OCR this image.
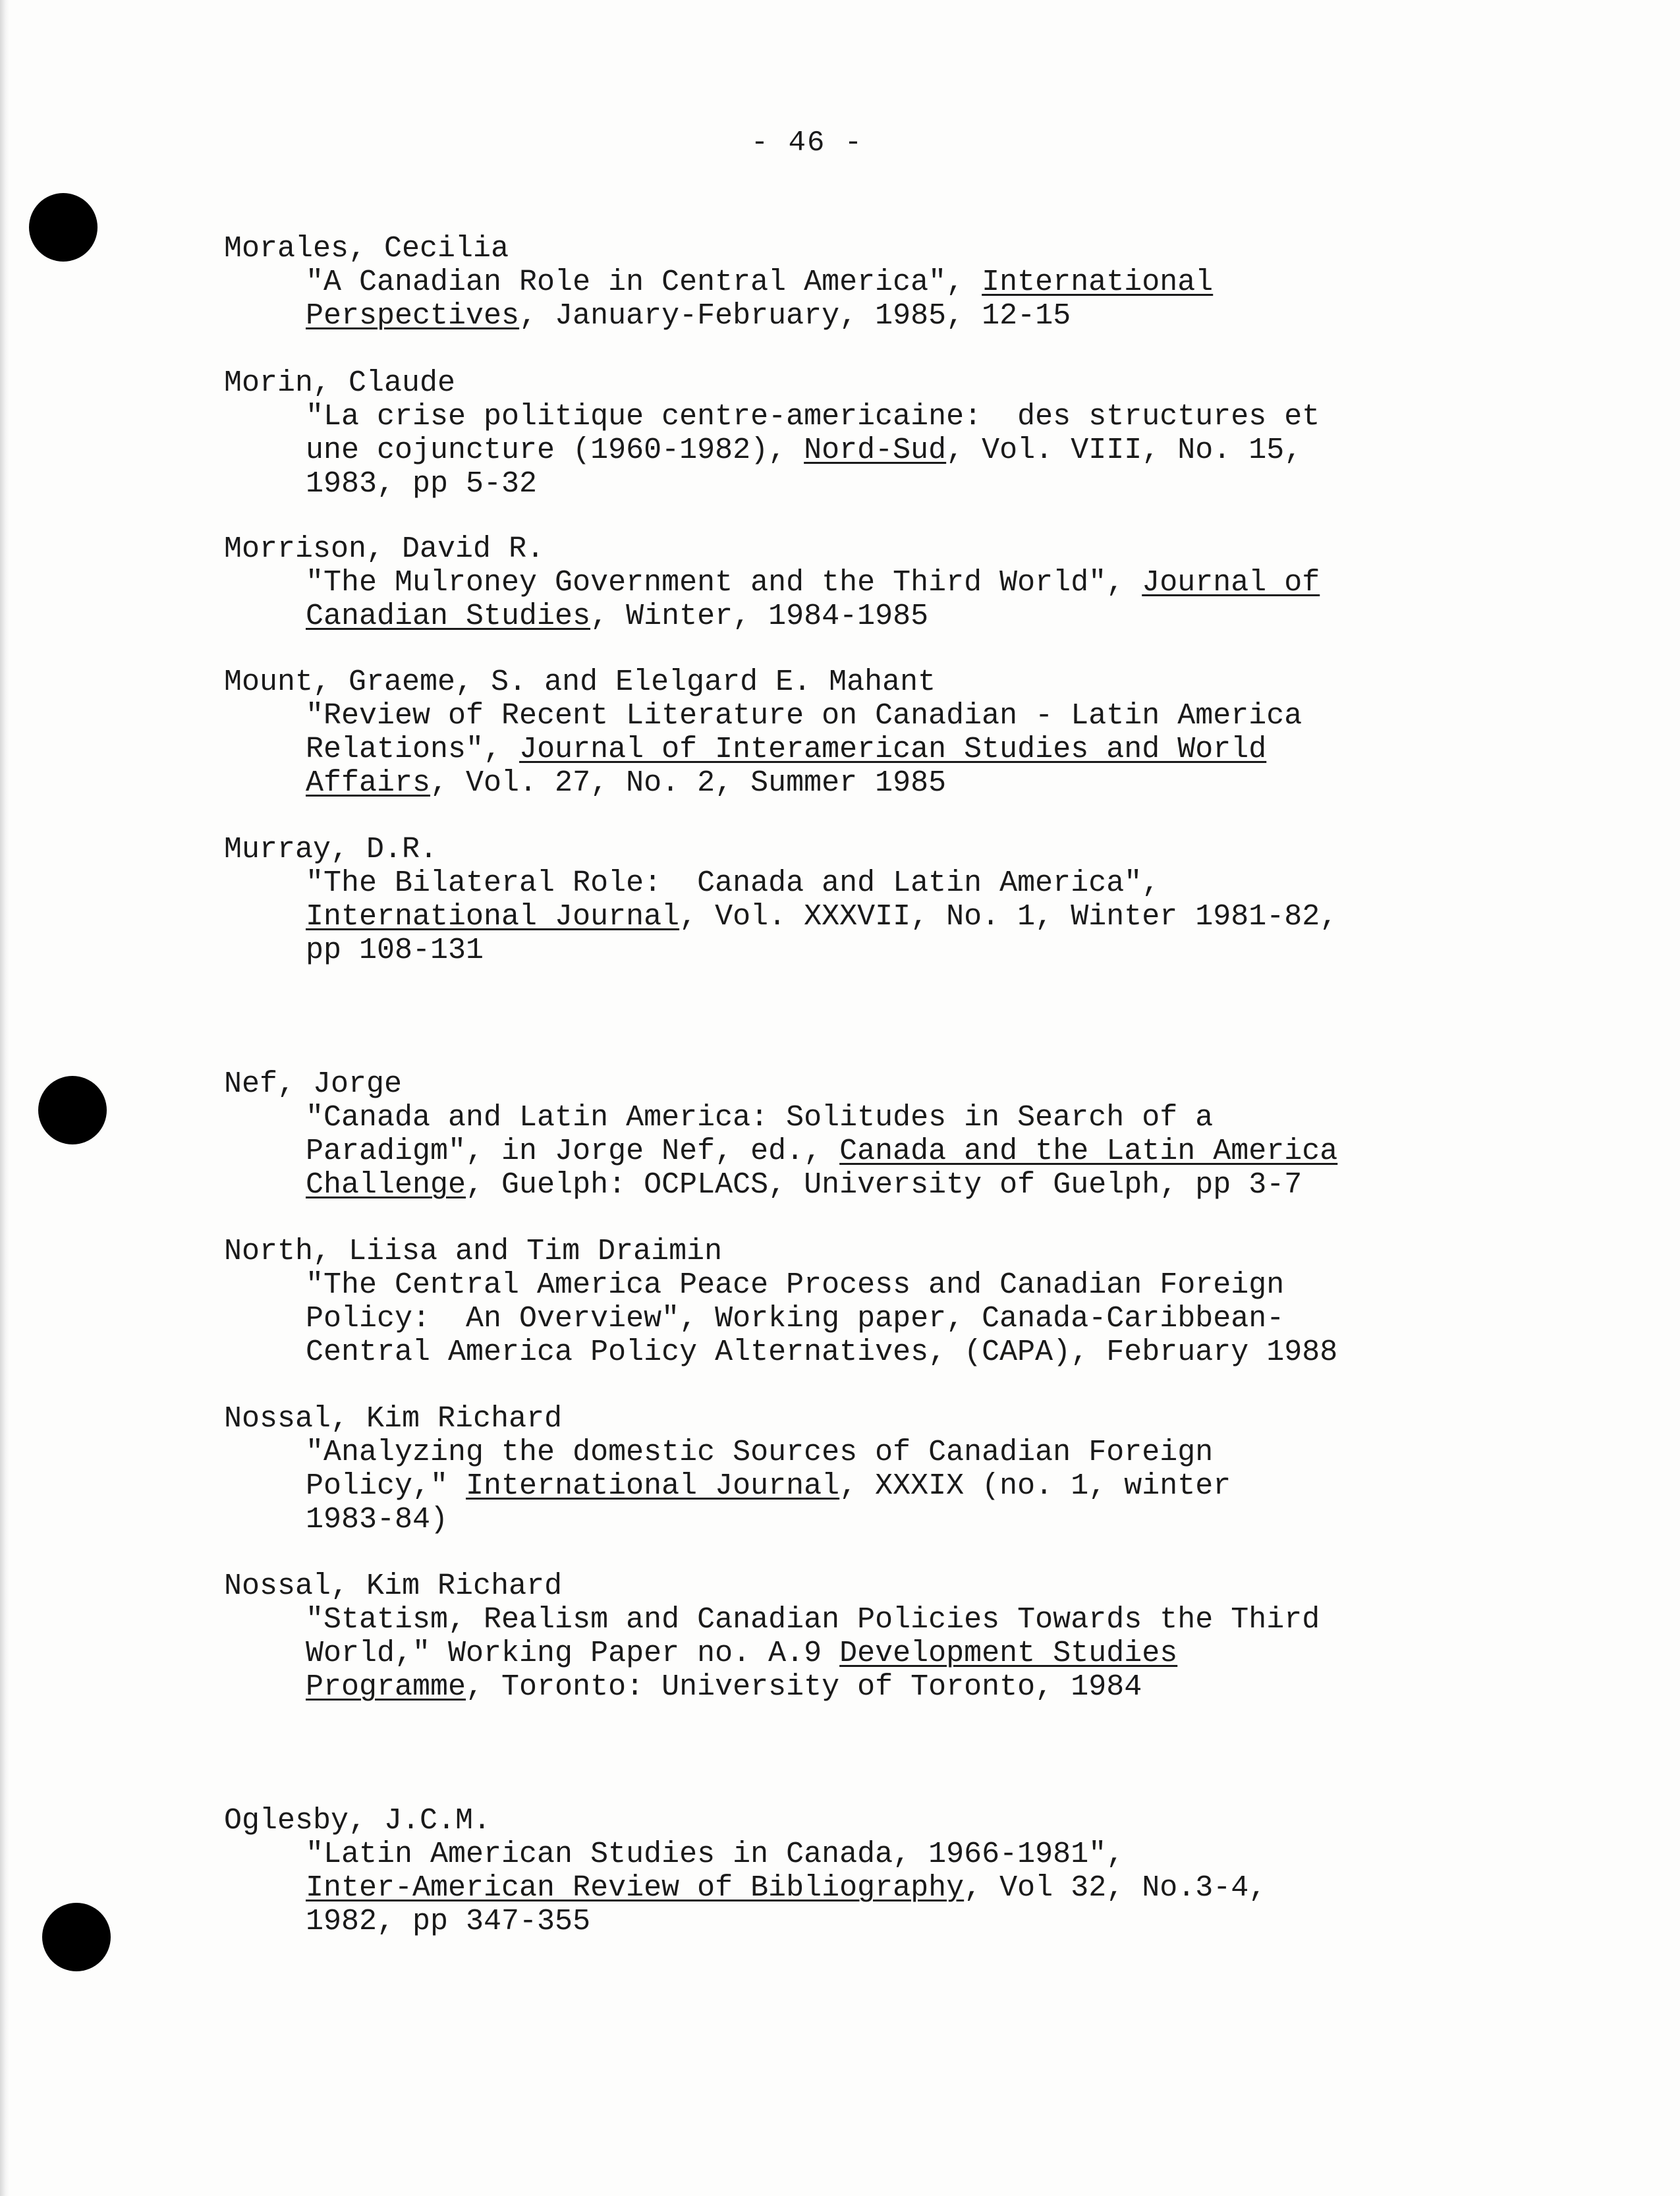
- 46 -
Morales, Cecilia
"A Canadian Role in Central America", International
Perspectives, January-February, 1985, 12-15
Morin, Claude
"La crise politique centre-americaine:  des structures et
une cojuncture (1960-1982), Nord-Sud, Vol. VIII, No. 15,
1983, pp 5-32
Morrison, David R.
"The Mulroney Government and the Third World", Journal of
Canadian Studies, Winter, 1984-1985
Mount, Graeme, S. and Elelgard E. Mahant
"Review of Recent Literature on Canadian - Latin America
Relations", Journal of Interamerican Studies and World
Affairs, Vol. 27, No. 2, Summer 1985
Murray, D.R.
"The Bilateral Role:  Canada and Latin America",
International Journal, Vol. XXXVII, No. 1, Winter 1981-82,
pp 108-131
Nef, Jorge
"Canada and Latin America: Solitudes in Search of a
Paradigm", in Jorge Nef, ed., Canada and the Latin America
Challenge, Guelph: OCPLACS, University of Guelph, pp 3-7
North, Liisa and Tim Draimin
"The Central America Peace Process and Canadian Foreign
Policy:  An Overview", Working paper, Canada-Caribbean-
Central America Policy Alternatives, (CAPA), February 1988
Nossal, Kim Richard
"Analyzing the domestic Sources of Canadian Foreign
Policy," International Journal, XXXIX (no. 1, winter
1983-84)
Nossal, Kim Richard
"Statism, Realism and Canadian Policies Towards the Third
World," Working Paper no. A.9 Development Studies
Programme, Toronto: University of Toronto, 1984
Oglesby, J.C.M.
"Latin American Studies in Canada, 1966-1981",
Inter-American Review of Bibliography, Vol 32, No.3-4,
1982, pp 347-355
